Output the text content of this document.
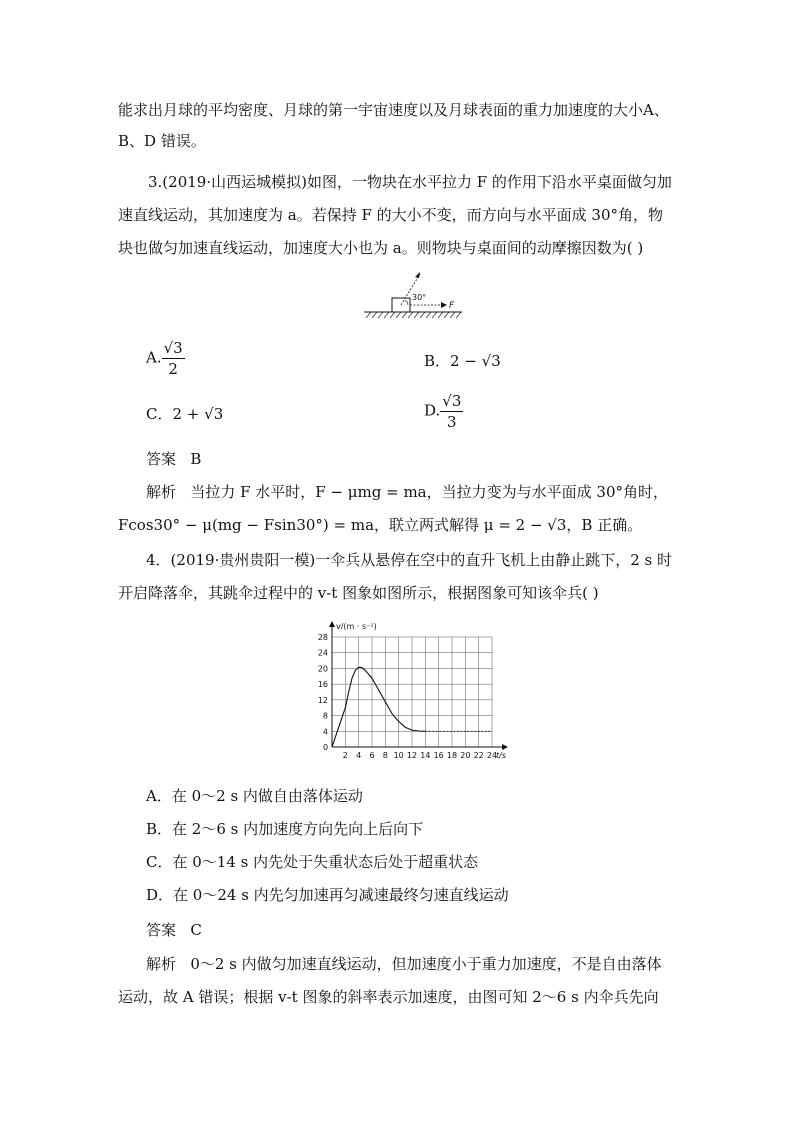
能求出月球的平均密度、月球的第一宇宙速度以及月球表面的重力加速度的大小A、
B、D 错误。
3.(2019·山西运城模拟)如图，一物块在水平拉力 F 的作用下沿水平桌面做匀加
速直线运动，其加速度为 a。若保持 F 的大小不变，而方向与水平面成 30°角，物
块也做匀加速直线运动，加速度大小也为 a。则物块与桌面间的动摩擦因数为( )
30°
F
A. $\frac{√3}{2}$	B．2 − √3
C．2 + √3	D. $\frac{√3}{3}$
答案 B
解析 当拉力 F 水平时，F − μmg = ma，当拉力变为与水平面成 30°角时，
Fcos30° − μ(mg − Fsin30°) = ma，联立两式解得 μ = 2 − √3，B 正确。
4．(2019·贵州贵阳一模)一伞兵从悬停在空中的直升飞机上由静止跳下，2 s 时
开启降落伞，其跳伞过程中的 v-t 图象如图所示，根据图象可知该伞兵( )
2 4 6 8 10 12 14 16 18 20 22 24
4
8
12
16
20
24
28
v/(m · s⁻¹)
t/s
0
A．在 0～2 s 内做自由落体运动
B．在 2～6 s 内加速度方向先向上后向下
C．在 0～14 s 内先处于失重状态后处于超重状态
D．在 0～24 s 内先匀加速再匀减速最终匀速直线运动
答案 C
解析 0～2 s 内做匀加速直线运动，但加速度小于重力加速度，不是自由落体
运动，故 A 错误；根据 v-t 图象的斜率表示加速度，由图可知 2～6 s 内伞兵先向
